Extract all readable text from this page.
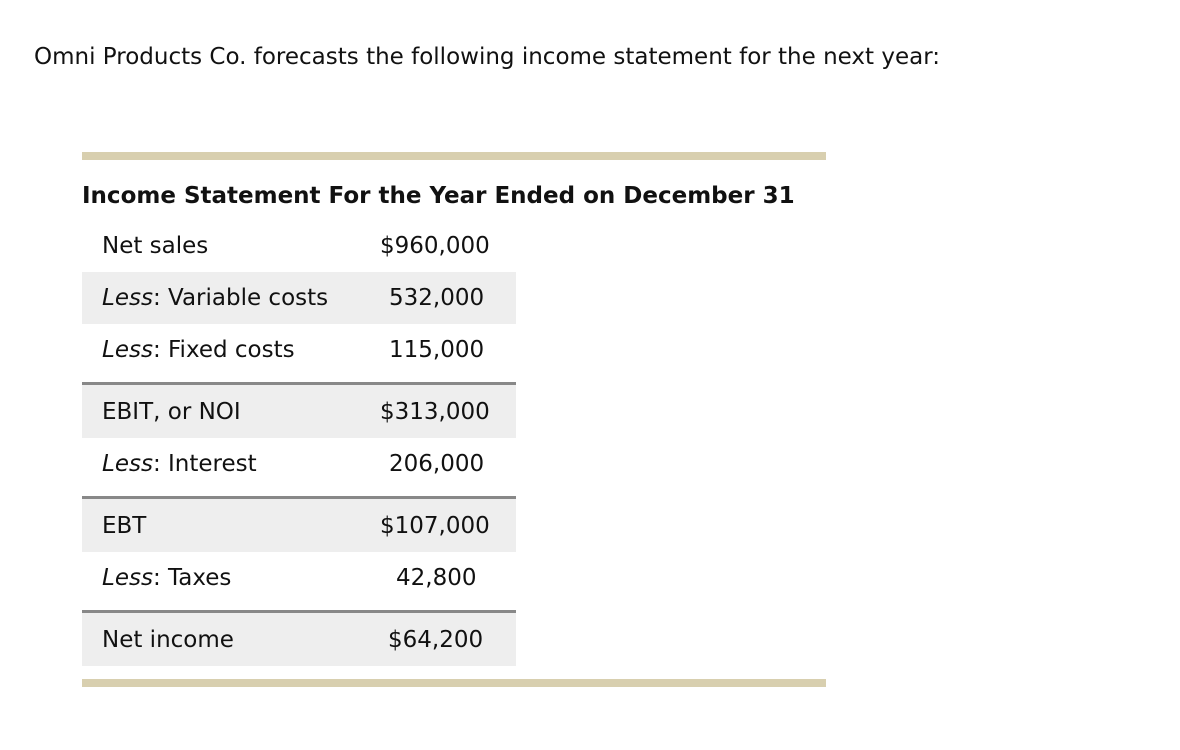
Omni Products Co. forecasts the following income statement for the next year:

Income Statement For the Year Ended on December 31
Net sales	$960,000
Less: Variable costs	532,000
Less: Fixed costs	115,000
EBIT, or NOI	$313,000
Less: Interest	206,000
EBT	$107,000
Less: Taxes	42,800
Net income	$64,200
